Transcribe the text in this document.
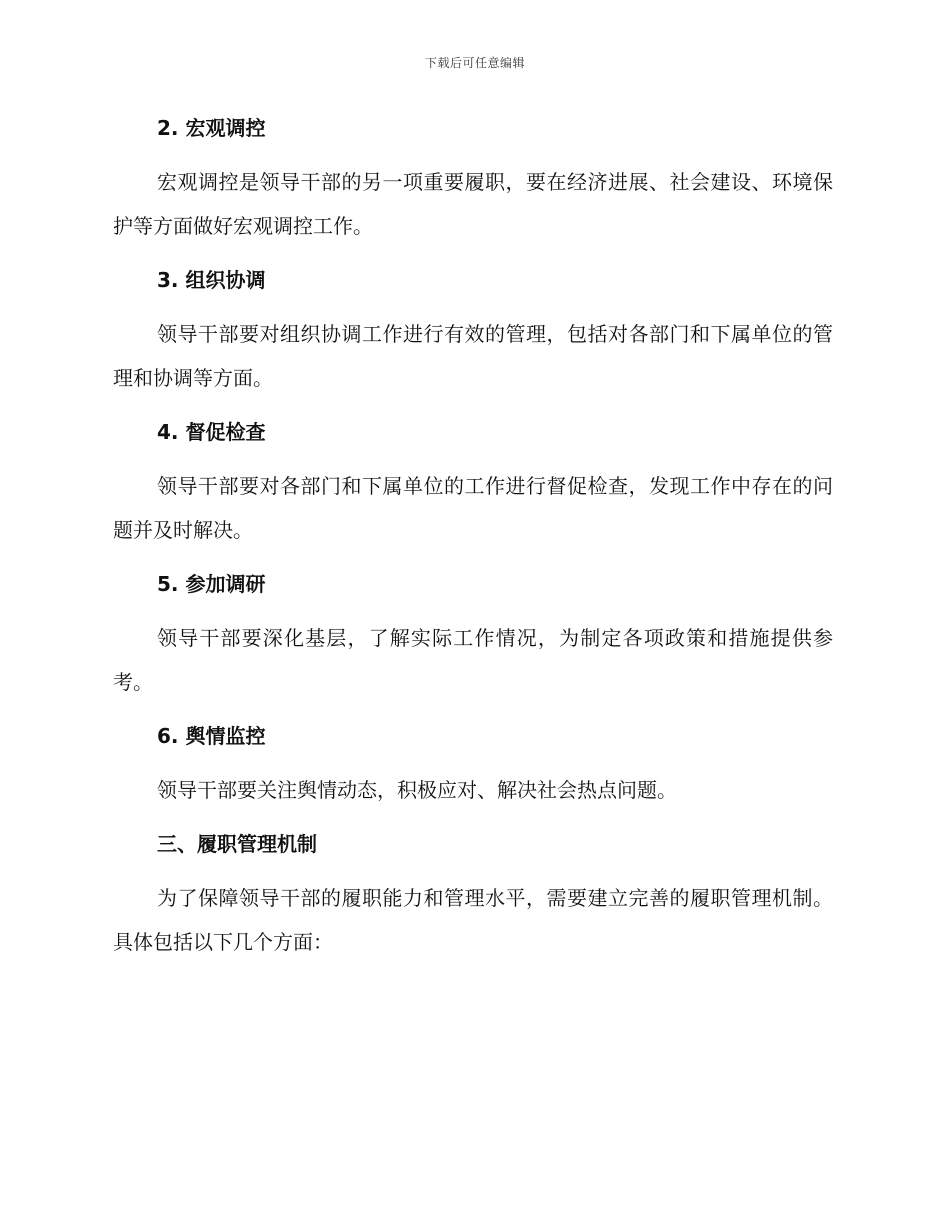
下载后可任意编辑
2. 宏观调控

宏观调控是领导干部的另一项重要履职，要在经济进展、社会建设、环境保护等方面做好宏观调控工作。

3. 组织协调

领导干部要对组织协调工作进行有效的管理，包括对各部门和下属单位的管理和协调等方面。

4. 督促检查

领导干部要对各部门和下属单位的工作进行督促检查，发现工作中存在的问题并及时解决。

5. 参加调研

领导干部要深化基层，了解实际工作情况，为制定各项政策和措施提供参考。

6. 舆情监控

领导干部要关注舆情动态，积极应对、解决社会热点问题。

三、履职管理机制

为了保障领导干部的履职能力和管理水平，需要建立完善的履职管理机制。具体包括以下几个方面：
